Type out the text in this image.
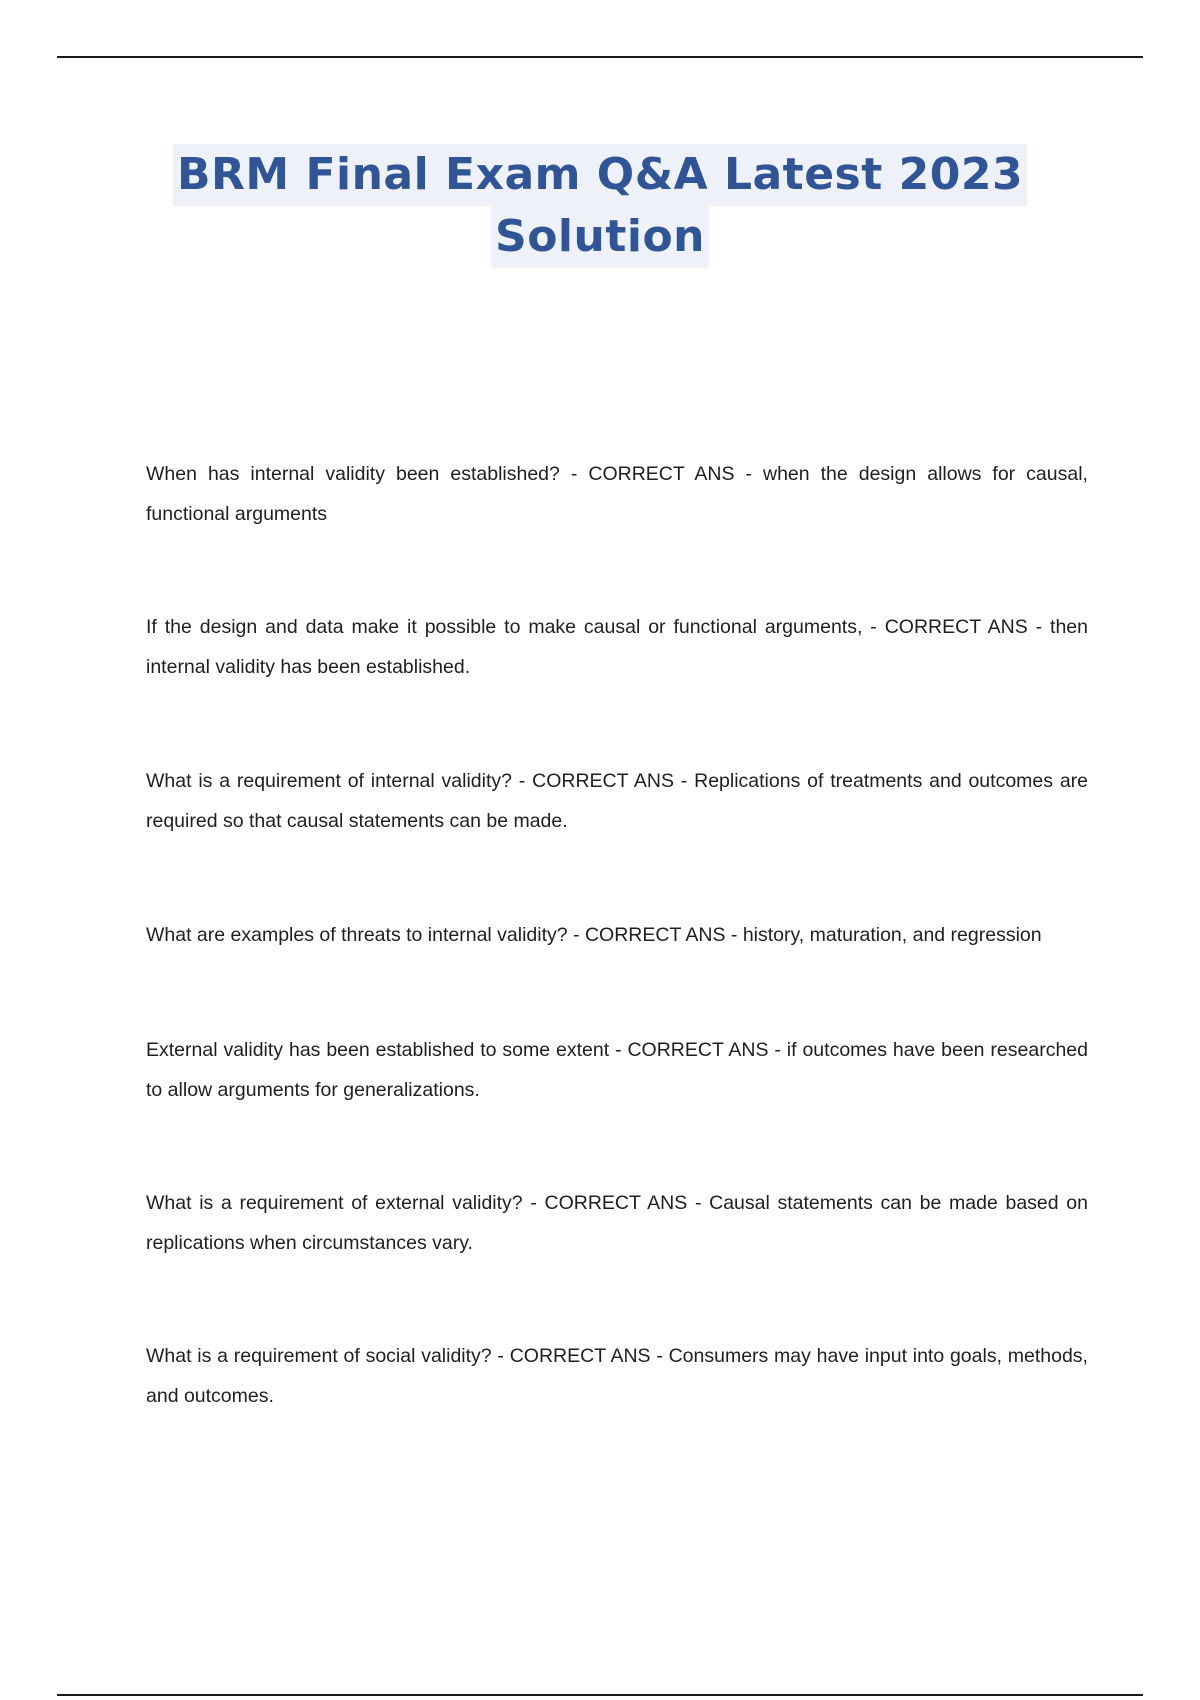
BRM Final Exam Q&A Latest 2023
Solution
When has internal validity been established? - CORRECT ANS - when the design allows for causal, functional arguments
If the design and data make it possible to make causal or functional arguments, - CORRECT ANS - then internal validity has been established.
What is a requirement of internal validity? - CORRECT ANS - Replications of treatments and outcomes are required so that causal statements can be made.
What are examples of threats to internal validity? - CORRECT ANS - history, maturation, and regression
External validity has been established to some extent - CORRECT ANS - if outcomes have been researched to allow arguments for generalizations.
What is a requirement of external validity? - CORRECT ANS - Causal statements can be made based on replications when circumstances vary.
What is a requirement of social validity? - CORRECT ANS - Consumers may have input into goals, methods, and outcomes.
